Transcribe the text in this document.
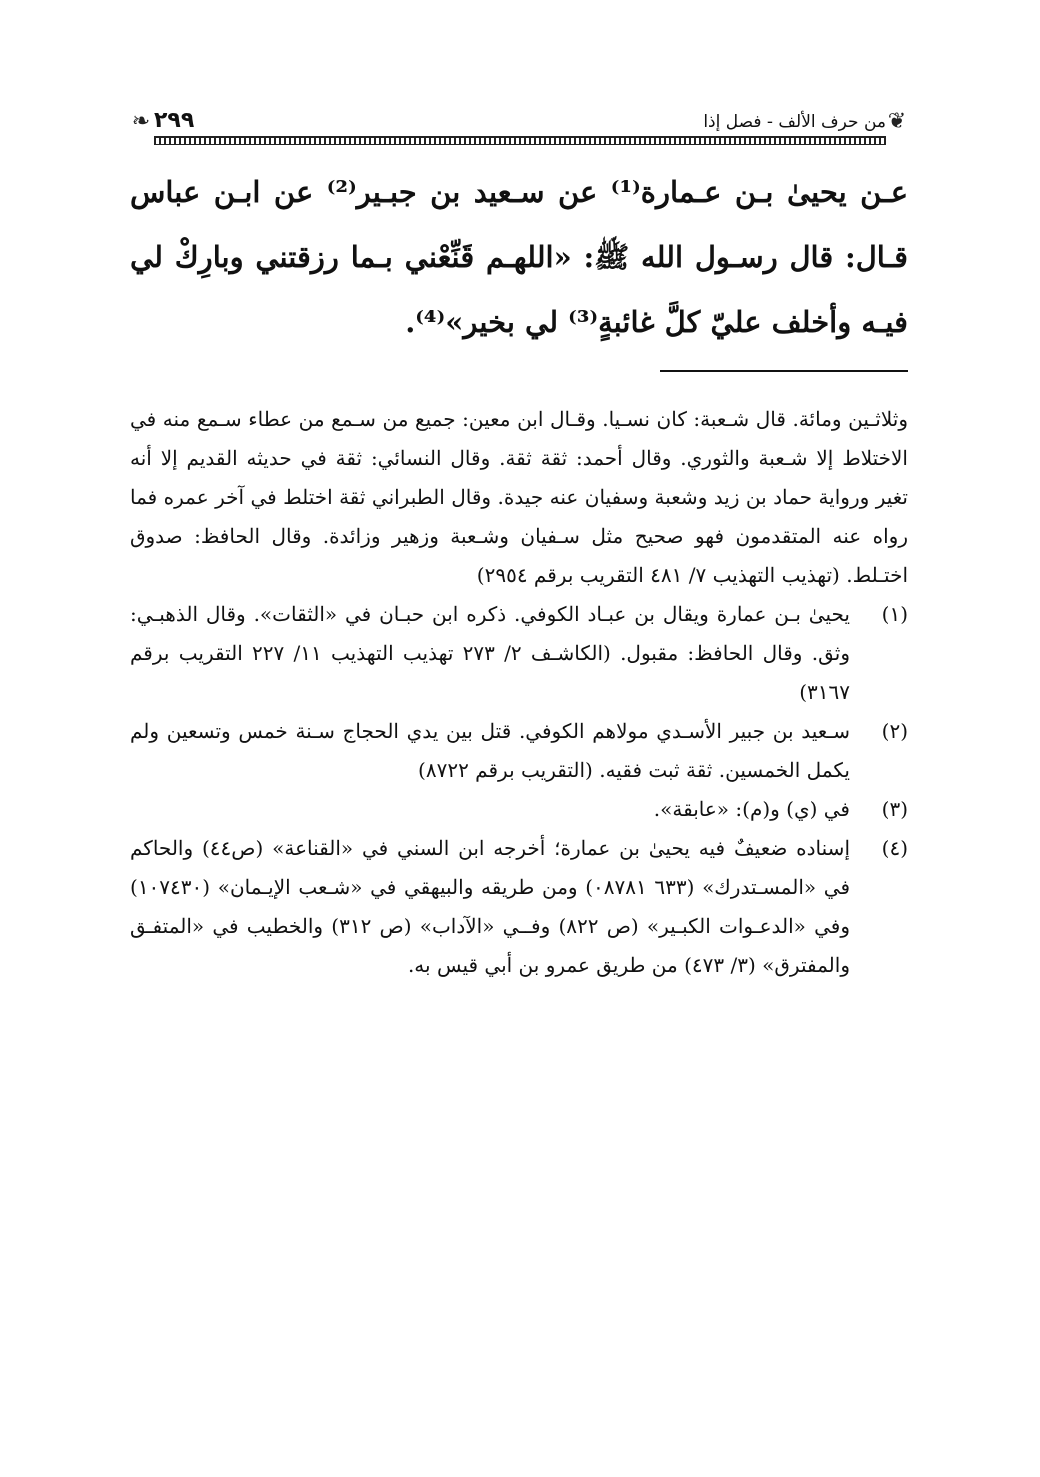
❦
من حرف الألف - فصل إذا
٢٩٩
❧

عـن يحيىٰ بـن عـمارة⁽¹⁾ عن سـعيد بن جبـير⁽²⁾ عن ابـن عباس قـال: قال رسـول الله ﷺ: «اللهـم قَنِّعْني بـما رزقتني وبارِكْ لي فيـه وأخلف عليّ كلَّ غائبةٍ⁽³⁾ لي بخير»⁽⁴⁾.

وثلاثـين ومائة. قال شـعبة: كان نسـيا. وقـال ابن معين: جميع من سـمع من عطاء سـمع منه في الاختلاط إلا شـعبة والثوري. وقال أحمد: ثقة ثقة. وقال النسائي: ثقة في حديثه القديم إلا أنه تغير ورواية حماد بن زيد وشعبة وسفيان عنه جيدة. وقال الطبراني ثقة اختلط في آخر عمره فما رواه عنه المتقدمون فهو صحيح مثل سـفيان وشـعبة وزهير وزائدة. وقال الحافظ: صدوق اختـلط. (تهذيب التهذيب ٧/ ٤٨١ التقريب برقم ٢٩٥٤)

(١)
يحيىٰ بـن عمارة ويقال بن عبـاد الكوفي. ذكره ابن حبـان في «الثقات». وقال الذهبـي: وثق. وقال الحافظ: مقبول. (الكاشـف ٢/ ٢٧٣ تهذيب التهذيب ١١/ ٢٢٧ التقريب برقم ٣١٦٧)
(٢)
سـعيد بن جبير الأسـدي مولاهم الكوفي. قتل بين يدي الحجاج سـنة خمس وتسعين ولم يكمل الخمسين. ثقة ثبت فقيه. (التقريب برقم ٨٧٢٢)
(٣)
في (ي) و(م): «عابقة».
(٤)
إسناده ضعيفٌ فيه يحيىٰ بن عمارة؛ أخرجه ابن السني في «القناعة» (ص٤٤) والحاكم في «المسـتدرك» (٦٣٣ ٠٨٧٨١) ومن طريقه والبيهقي في «شـعب الإيـمان» (١٠٧٤٣٠) وفي «الدعـوات الكبـير» (ص ٨٢٢) وفــي «الآداب» (ص ٣١٢) والخطيب في «المتفـق والمفترق» (٣/ ٤٧٣) من طريق عمرو بن أبي قيس به.
